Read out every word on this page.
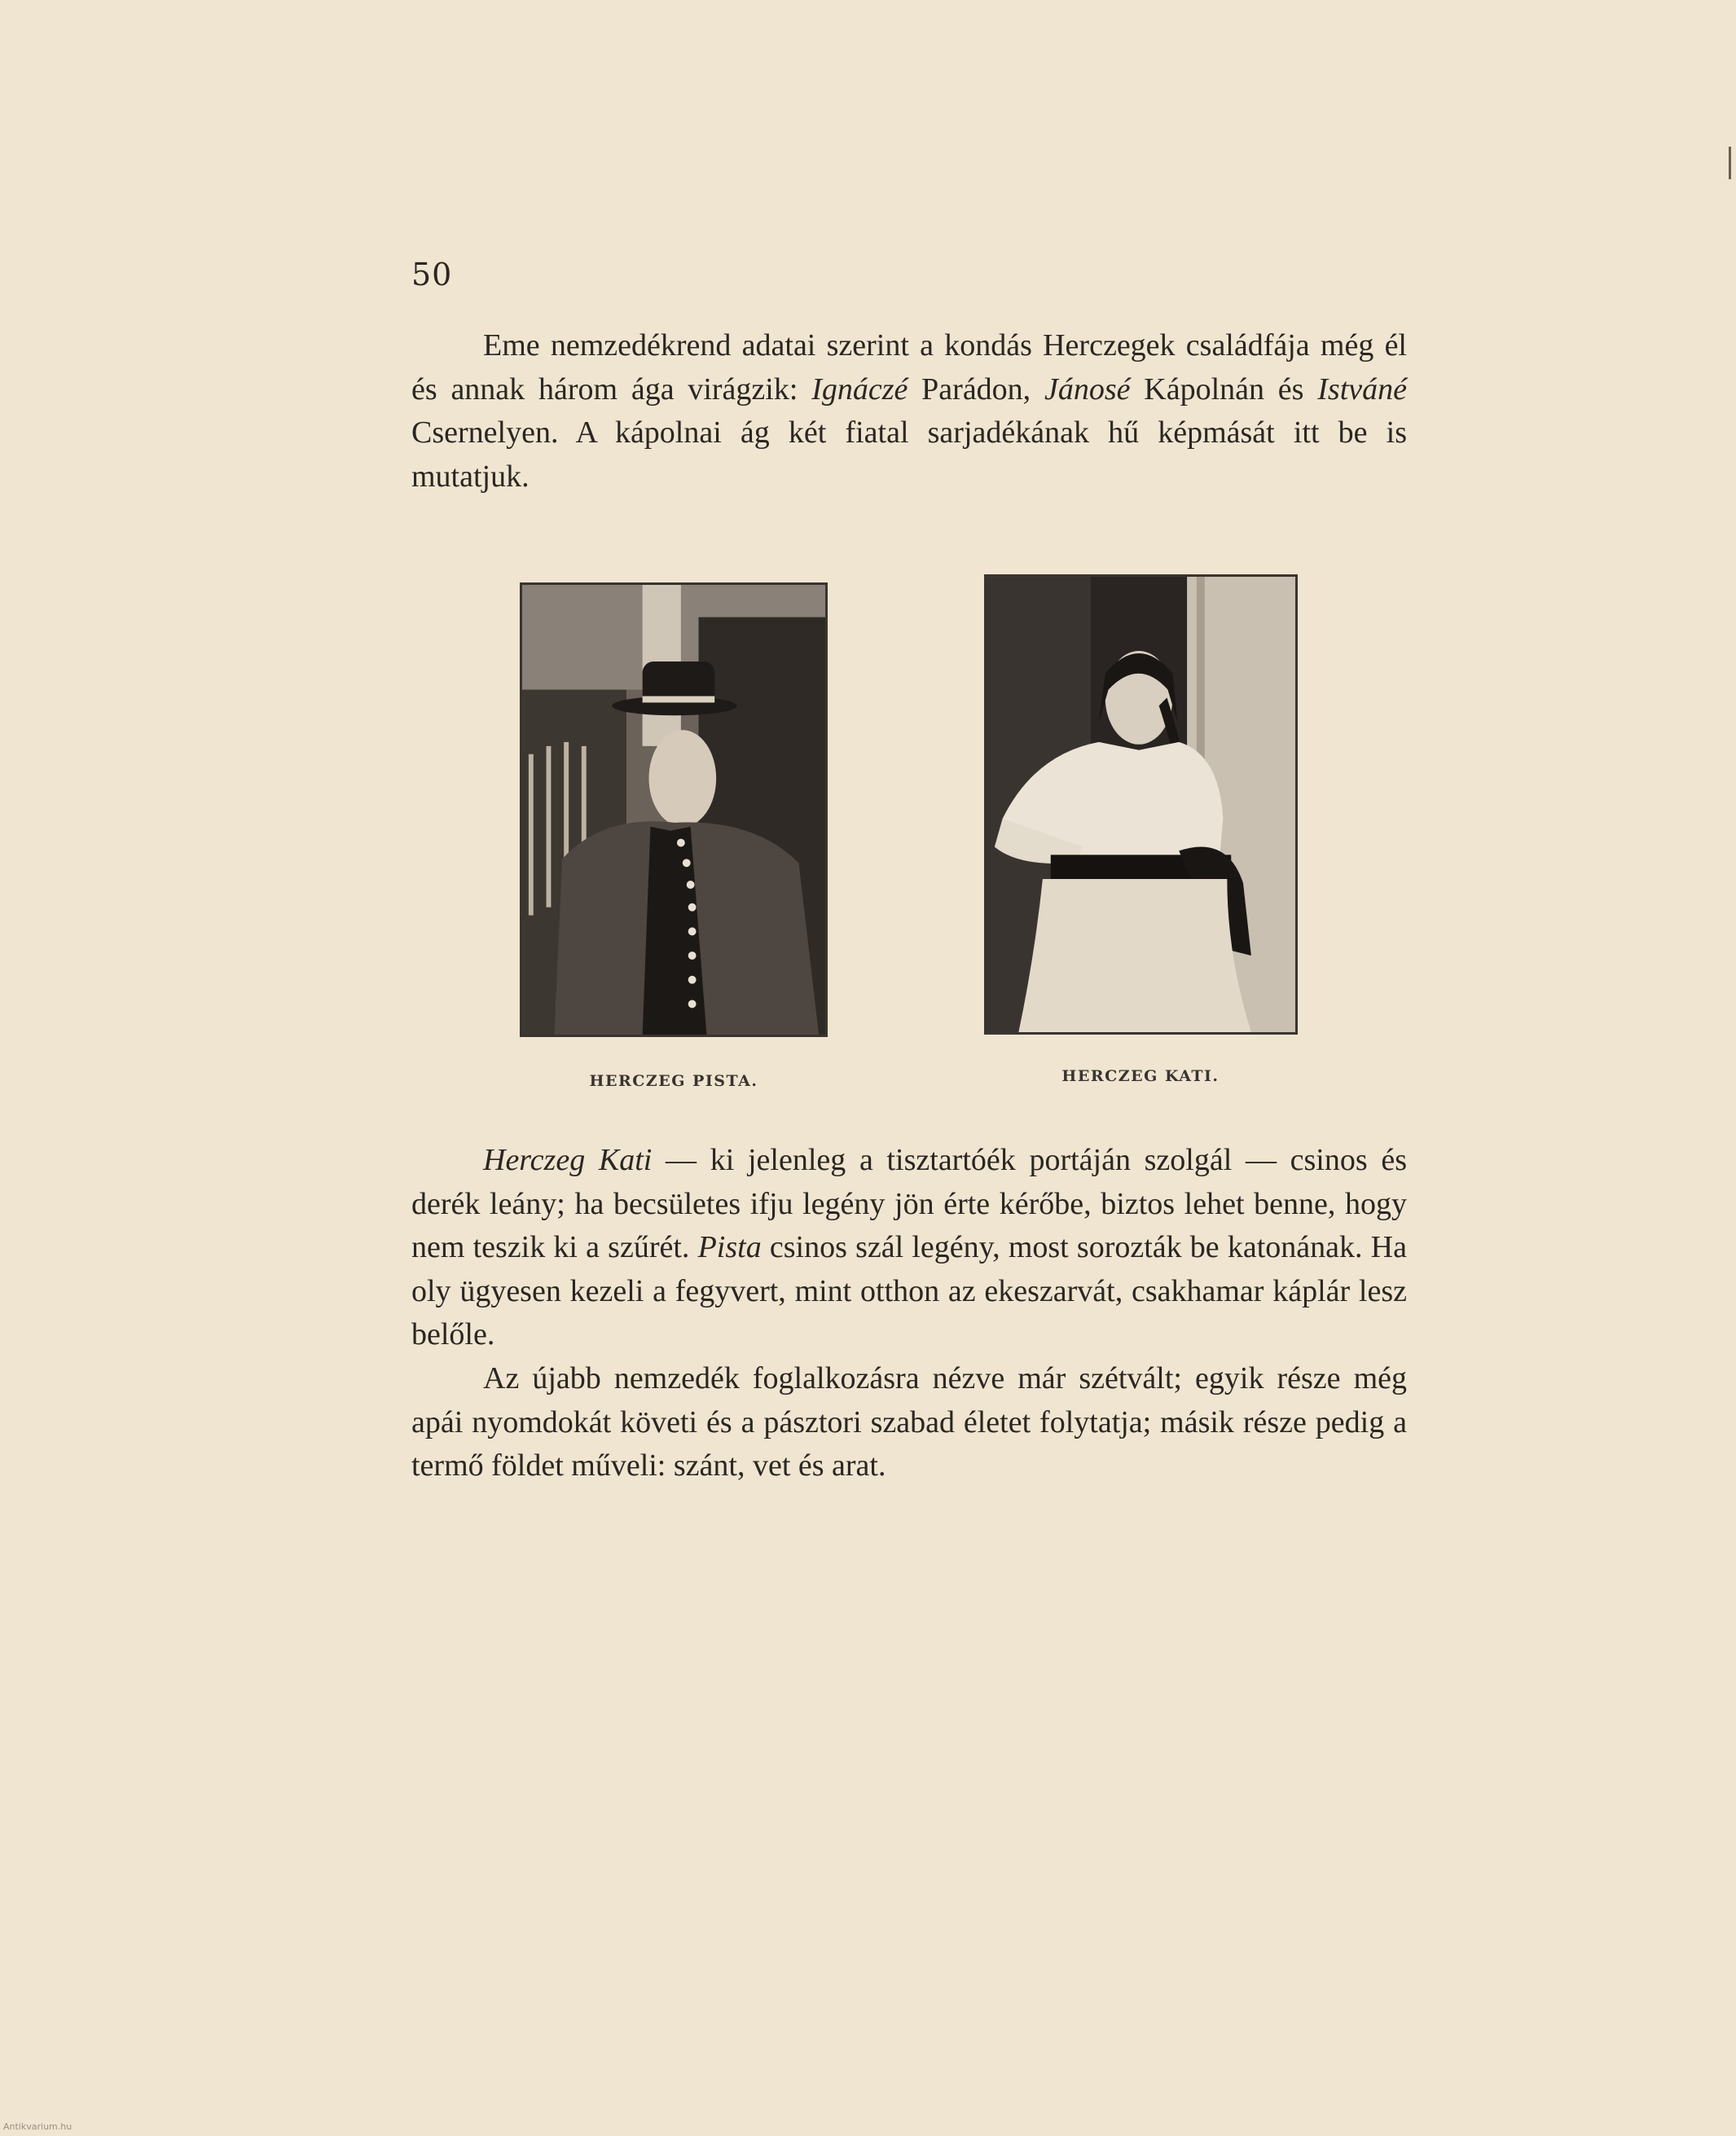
50

Eme nemzedékrend adatai szerint a kondás Herczegek családfája még él és annak három ága virágzik: Ignáczé Parádon, Jánosé Kápolnán és Istváné Csernelyen. A kápolnai ág két fiatal sarjadékának hű képmását itt be is mutatjuk.

HERCZEG PISTA.	HERCZEG KATI.

Herczeg Kati — ki jelenleg a tisztartóék portáján szolgál — csinos és derék leány; ha becsületes ifju legény jön érte kérőbe, biztos lehet benne, hogy nem teszik ki a szűrét. Pista csinos szál legény, most sorozták be katonának. Ha oly ügyesen kezeli a fegyvert, mint otthon az ekeszarvát, csakhamar káplár lesz belőle.

Az újabb nemzedék foglalkozásra nézve már szétvált; egyik része még apái nyomdokát követi és a pásztori szabad életet folytatja; másik része pedig a termő földet műveli: szánt, vet és arat.

Antikvarium.hu
